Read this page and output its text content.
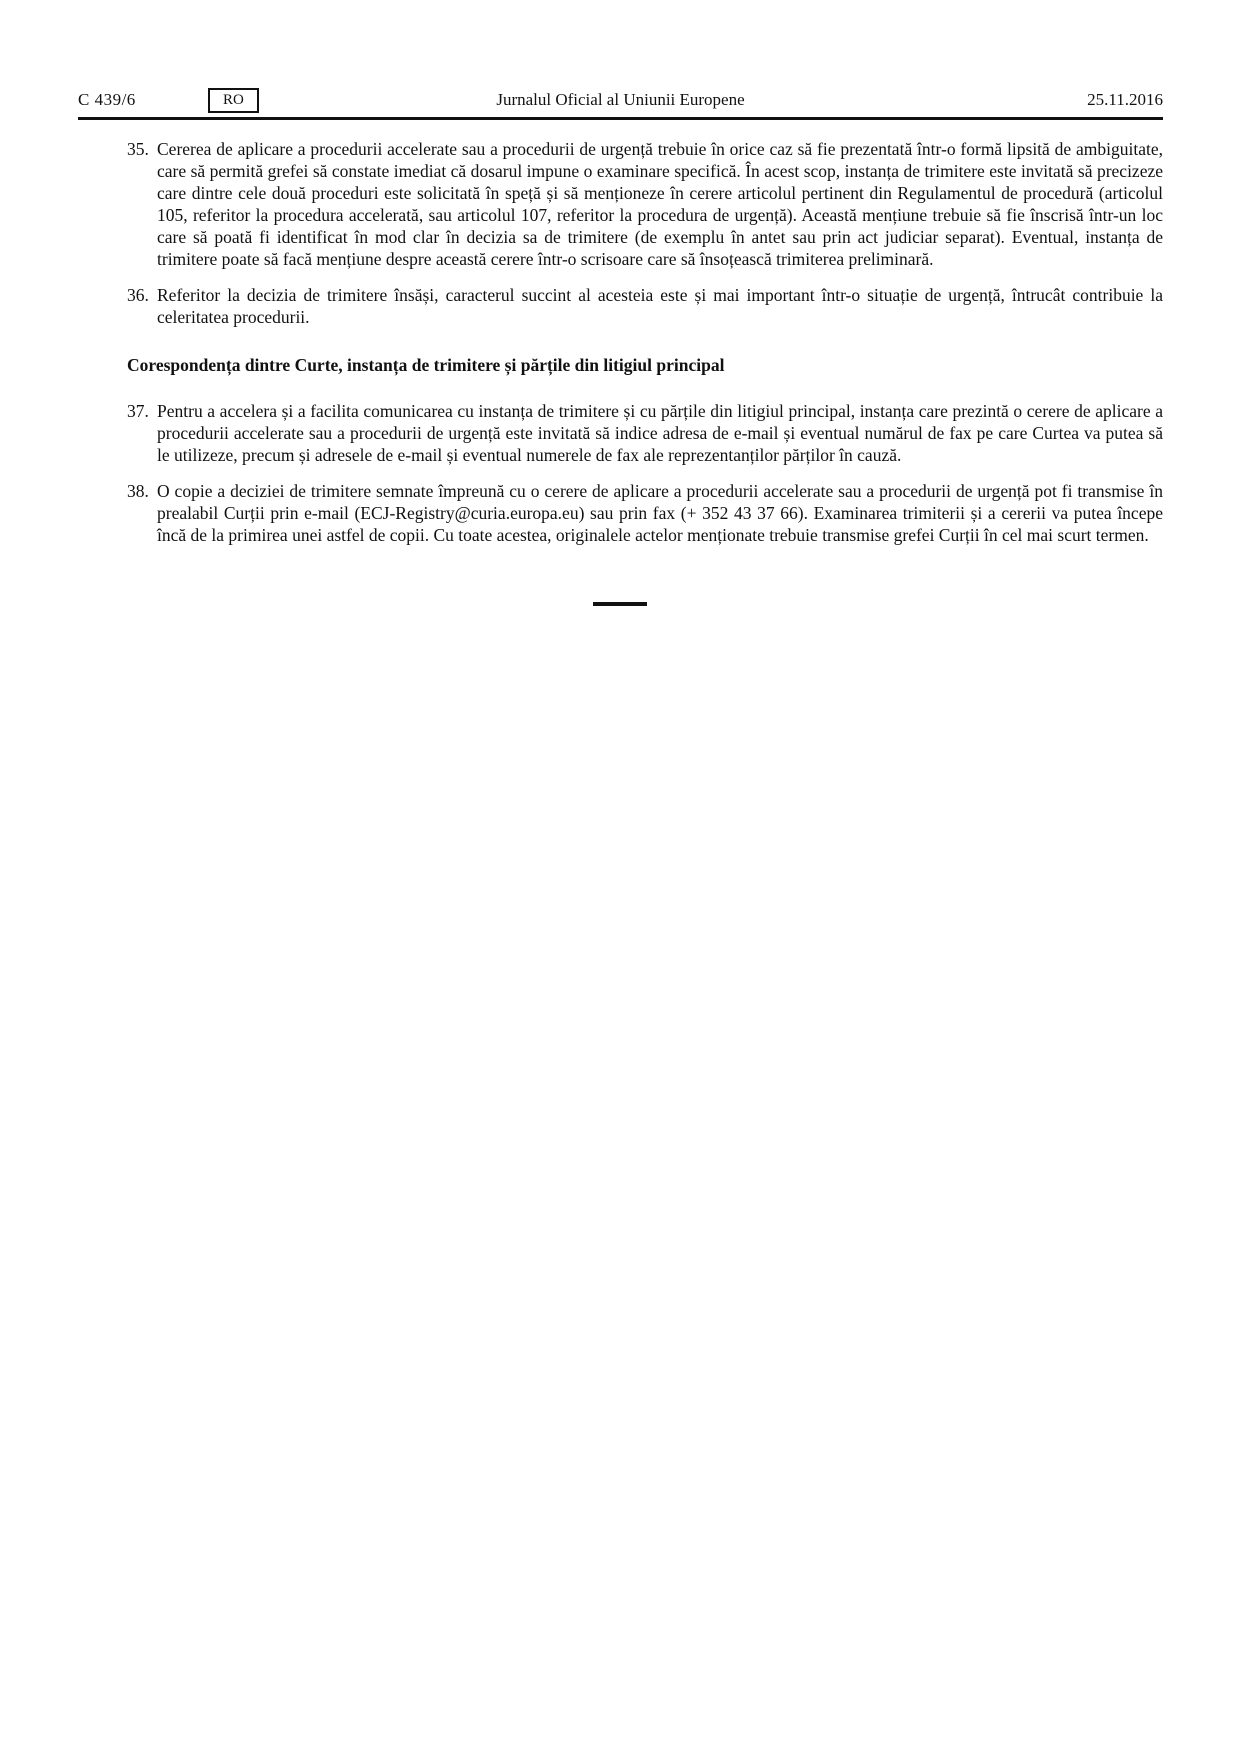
C 439/6	RO	Jurnalul Oficial al Uniunii Europene	25.11.2016
35. Cererea de aplicare a procedurii accelerate sau a procedurii de urgență trebuie în orice caz să fie prezentată într-o formă lipsită de ambiguitate, care să permită grefei să constate imediat că dosarul impune o examinare specifică. În acest scop, instanța de trimitere este invitată să precizeze care dintre cele două proceduri este solicitată în speță și să menționeze în cerere articolul pertinent din Regulamentul de procedură (articolul 105, referitor la procedura accelerată, sau articolul 107, referitor la procedura de urgență). Această mențiune trebuie să fie înscrisă într-un loc care să poată fi identificat în mod clar în decizia sa de trimitere (de exemplu în antet sau prin act judiciar separat). Eventual, instanța de trimitere poate să facă mențiune despre această cerere într-o scrisoare care să însoțească trimiterea preliminară.
36. Referitor la decizia de trimitere însăși, caracterul succint al acesteia este și mai important într-o situație de urgență, întrucât contribuie la celeritatea procedurii.
Corespondența dintre Curte, instanța de trimitere și părțile din litigiul principal
37. Pentru a accelera și a facilita comunicarea cu instanța de trimitere și cu părțile din litigiul principal, instanța care prezintă o cerere de aplicare a procedurii accelerate sau a procedurii de urgență este invitată să indice adresa de e-mail și eventual numărul de fax pe care Curtea va putea să le utilizeze, precum și adresele de e-mail și eventual numerele de fax ale reprezentanților părților în cauză.
38. O copie a deciziei de trimitere semnate împreună cu o cerere de aplicare a procedurii accelerate sau a procedurii de urgență pot fi transmise în prealabil Curții prin e-mail (ECJ-Registry@curia.europa.eu) sau prin fax (+ 352 43 37 66). Examinarea trimiterii și a cererii va putea începe încă de la primirea unei astfel de copii. Cu toate acestea, originalele actelor menționate trebuie transmise grefei Curții în cel mai scurt termen.
